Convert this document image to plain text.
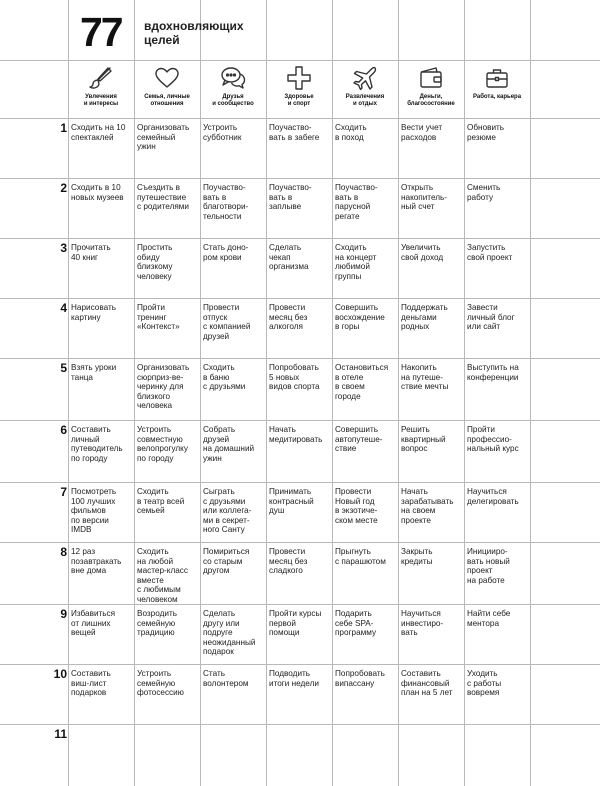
77 вдохновляющих
целей
Увлечения
и интересы
Семья, личные
отношения
Друзья
и сообщество
Здоровье
и спорт
Развлечения
и отдых
Деньги,
благосостояние
Работа, карьера
1 Сходить на 10
спектаклей
Организовать
семейный
ужин
Устроить
субботник
Поучаство-
вать в забеге
Сходить
в поход
Вести учет
расходов
Обновить
резюме
2 Сходить в 10
новых музеев
Съездить в
путешествие
с родителями
Поучаство-
вать в
благотвори-
тельности
Поучаство-
вать в
заплыве
Поучаство-
вать в
парусной
регате
Открыть
накопитель-
ный счет
Сменить
работу
3 Прочитать
40 книг
Простить
обиду
близкому
человеку
Стать доно-
ром крови
Сделать
чекап
организма
Сходить
на концерт
любимой
группы
Увеличить
свой доход
Запустить
свой проект
4 Нарисовать
картину
Пройти
тренинг
«Контекст»
Провести
отпуск
с компанией
друзей
Провести
месяц без
алкоголя
Совершить
восхождение
в горы
Поддержать
деньгами
родных
Завести
личный блог
или сайт
5 Взять уроки
танца
Организовать
сюрприз-ве-
черинку для
близкого
человека
Сходить
в баню
с друзьями
Попробовать
5 новых
видов спорта
Остановиться
в отеле
в своем
городе
Накопить
на путеше-
ствие мечты
Выступить на
конференции
6 Составить
личный
путеводитель
по городу
Устроить
совместную
велопрогулку
по городу
Собрать
друзей
на домашний
ужин
Начать
медитировать
Совершить
автопутеше-
ствие
Решить
квартирный
вопрос
Пройти
профессио-
нальный курс
7 Посмотреть
100 лучших
фильмов
по версии
IMDB
Сходить
в театр всей
семьей
Сыграть
с друзьями
или коллега-
ми в секрет-
ного Санту
Принимать
контрасный
душ
Провести
Новый год
в экзотиче-
ском месте
Начать
зарабатывать
на своем
проекте
Научиться
делегировать
8 12 раз
позавтракать
вне дома
Сходить
на любой
мастер-класс
вместе
с любимым
человеком
Помириться
со старым
другом
Провести
месяц без
сладкого
Прыгнуть
с парашютом
Закрыть
кредиты
Иницииро-
вать новый
проект
на работе
9 Избавиться
от лишних
вещей
Возродить
семейную
традицию
Сделать
другу или
подруге
неожиданный
подарок
Пройти курсы
первой
помощи
Подарить
себе SPA-
программу
Научиться
инвестиро-
вать
Найти себе
ментора
10 Составить
виш-лист
подарков
Устроить
семейную
фотосессию
Стать
волонтером
Подводить
итоги недели
Попробовать
випассану
Составить
финансовый
план на 5 лет
Уходить
с работы
вовремя
11
